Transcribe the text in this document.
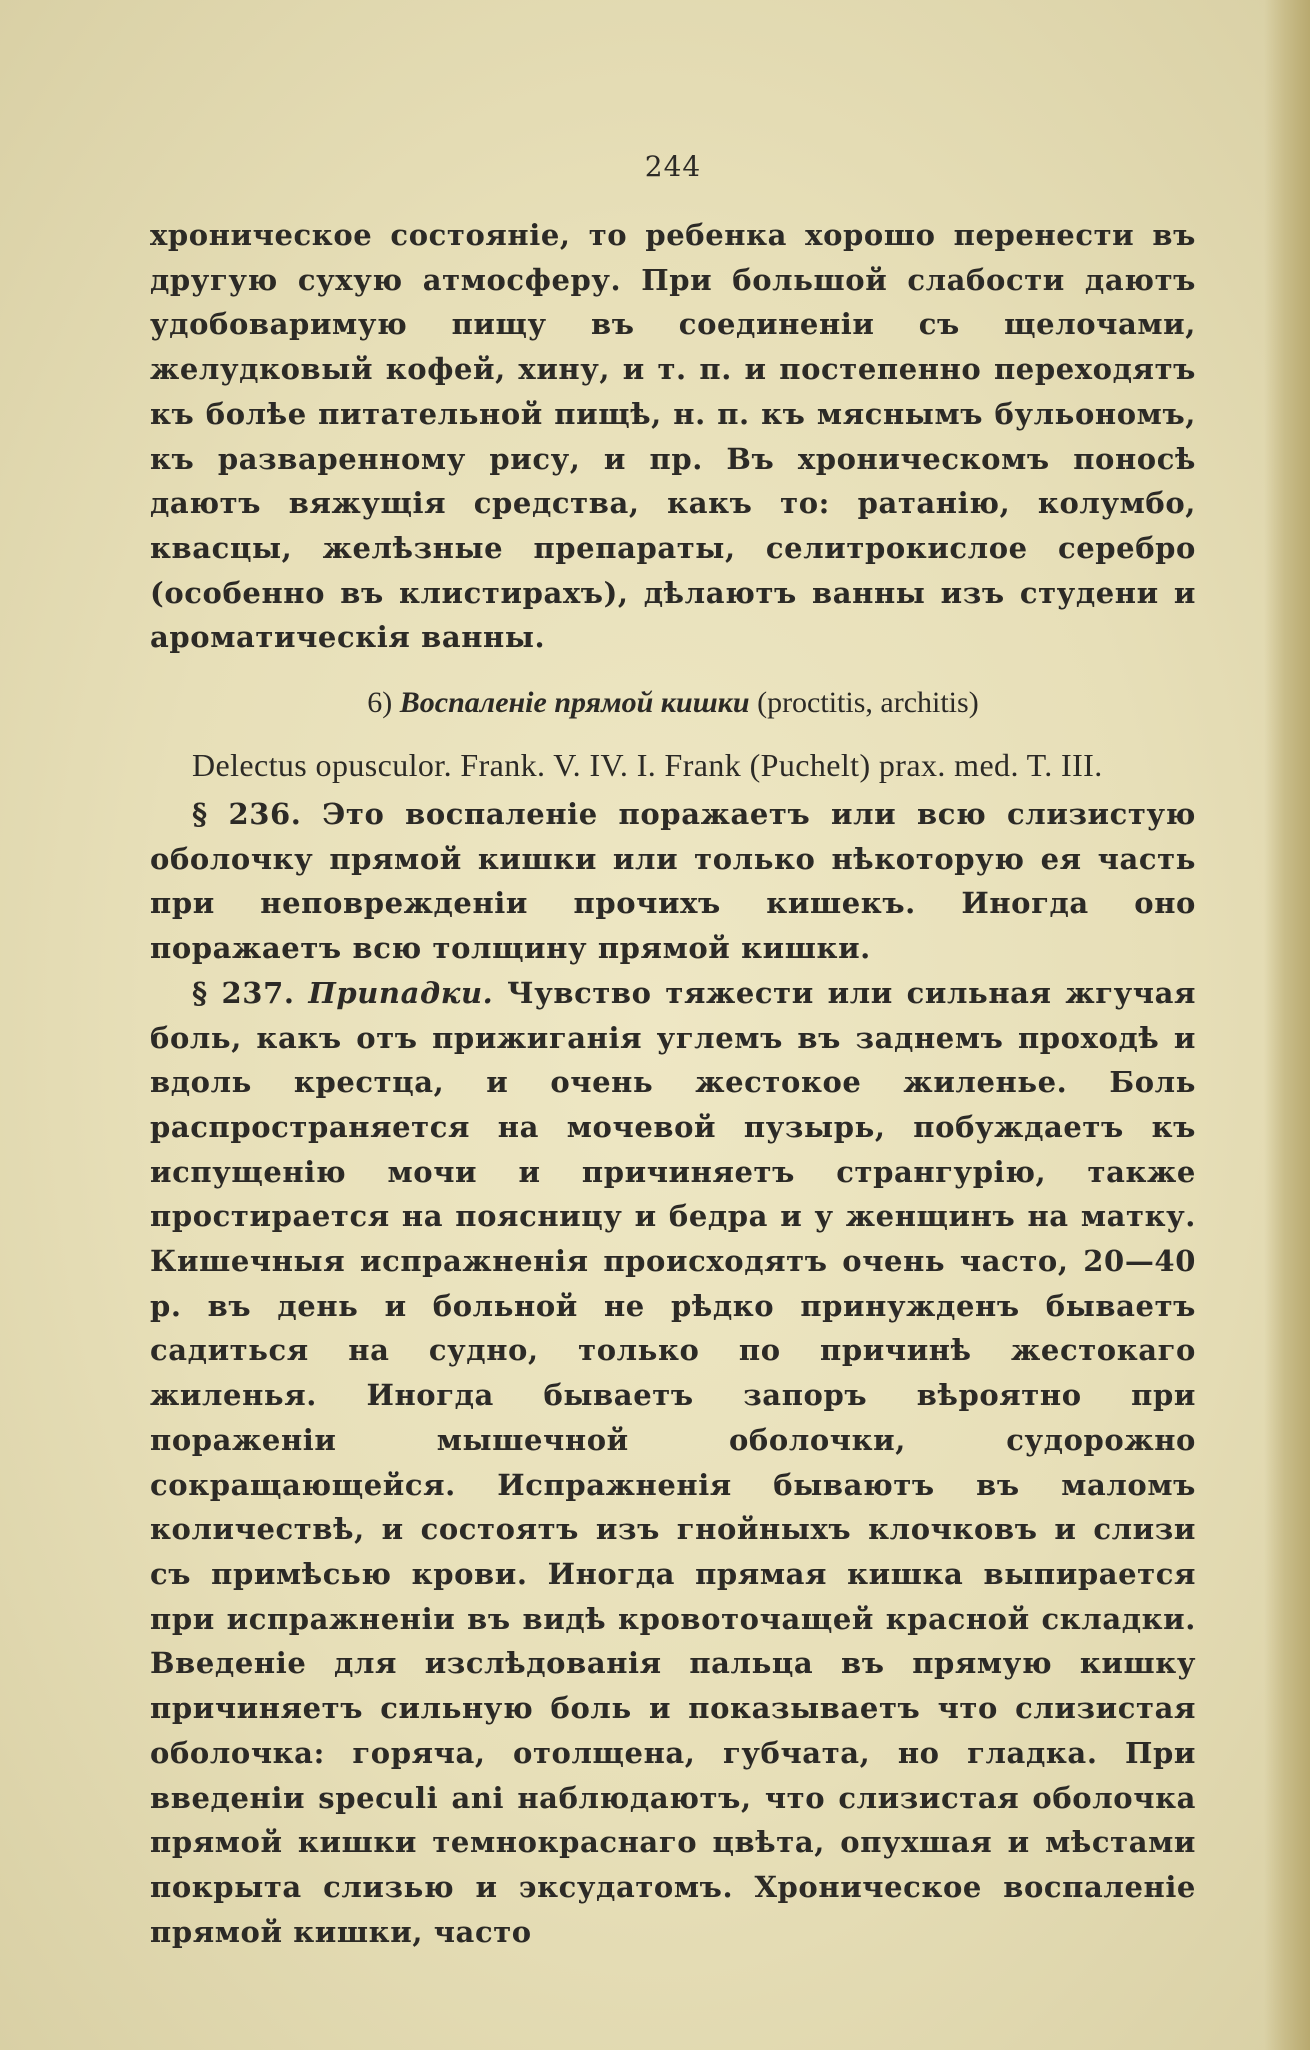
244

хроническое состоянie, то ребенка хорошо перенести въ другую сухую атмосферу. При большой слабости даютъ удобоваримую пищу въ соединенiи съ щелочами, желудковый кофей, хину, и т. п. и постепенно переходятъ къ болѣе питательной пищѣ, н. п. къ мяснымъ бульономъ, къ разваренному рису, и пр. Въ хроническомъ поносѣ даютъ вяжущiя средства, какъ то: ратанiю, колумбо, квасцы, желѣзные препараты, селитрокислое серебро (особенно въ клистирахъ), дѣлаютъ ванны изъ студени и ароматическiя ванны.

6) Воспаленie прямой кишки (proctitis, architis)

Delectus opusculor. Frank. V. IV. I. Frank (Puchelt) prax. med. T. III.

§ 236. Это воспаленie поражаетъ или всю слизистую оболочку прямой кишки или только нѣкоторую ея часть при неповрежденiи прочихъ кишекъ. Иногда оно поражаетъ всю толщину прямой кишки.

§ 237. Припадки. Чувство тяжести или сильная жгучая боль, какъ отъ прижиганiя углемъ въ заднемъ проходѣ и вдоль крестца, и очень жестокое жиленье. Боль распространяется на мочевой пузырь, побуждаетъ къ испущенiю мочи и причиняетъ странгурiю, также простирается на поясницу и бедра и у женщинъ на матку. Кишечныя испражненiя происходятъ очень часто, 20—40 р. въ день и больной не рѣдко принужденъ бываетъ садиться на судно, только по причинѣ жестокаго жиленья. Иногда бываетъ запоръ вѣроятно при пораженiи мышечной оболочки, судорожно сокращающейся. Испражненiя бываютъ въ маломъ количествѣ, и состоятъ изъ гнойныхъ клочковъ и слизи съ примѣсью крови. Иногда прямая кишка выпирается при испражненiи въ видѣ кровоточащей красной складки. Введенie для изслѣдованiя пальца въ прямую кишку причиняетъ сильную боль и показываетъ что слизистая оболочка: горяча, отолщена, губчата, но гладка. При введенiи speculi ani наблюдаютъ, что слизистая оболочка прямой кишки темнокраснаго цвѣта, опухшая и мѣстами покрыта слизью и эксудатомъ. Хроническое воспаленie прямой кишки, часто
